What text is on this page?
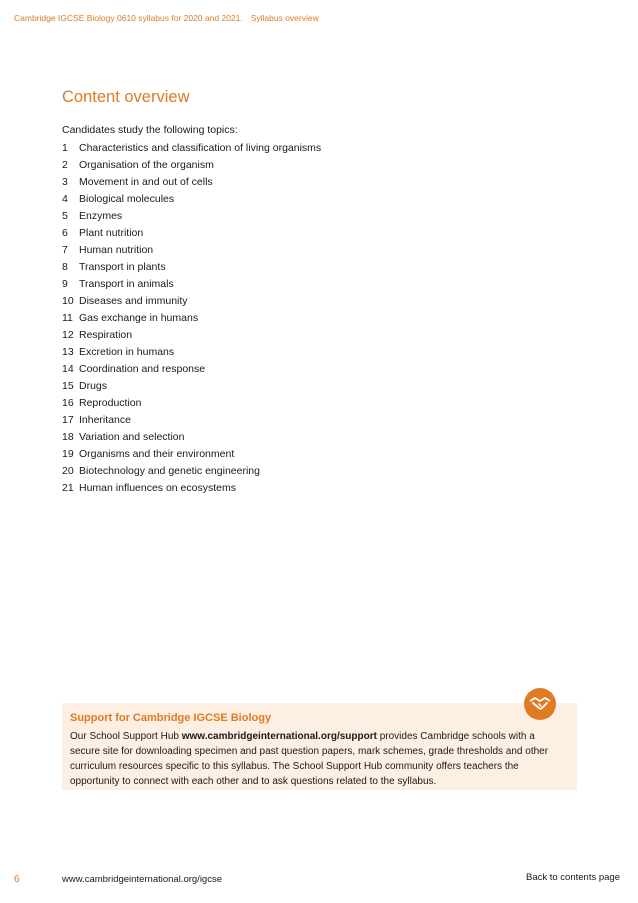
Cambridge IGCSE Biology 0610 syllabus for 2020 and 2021. Syllabus overview
Content overview
Candidates study the following topics:
1 Characteristics and classification of living organisms
2 Organisation of the organism
3 Movement in and out of cells
4 Biological molecules
5 Enzymes
6 Plant nutrition
7 Human nutrition
8 Transport in plants
9 Transport in animals
10 Diseases and immunity
11 Gas exchange in humans
12 Respiration
13 Excretion in humans
14 Coordination and response
15 Drugs
16 Reproduction
17 Inheritance
18 Variation and selection
19 Organisms and their environment
20 Biotechnology and genetic engineering
21 Human influences on ecosystems
Support for Cambridge IGCSE Biology
Our School Support Hub www.cambridgeinternational.org/support provides Cambridge schools with a secure site for downloading specimen and past question papers, mark schemes, grade thresholds and other curriculum resources specific to this syllabus. The School Support Hub community offers teachers the opportunity to connect with each other and to ask questions related to the syllabus.
6	www.cambridgeinternational.org/igcse	Back to contents page
